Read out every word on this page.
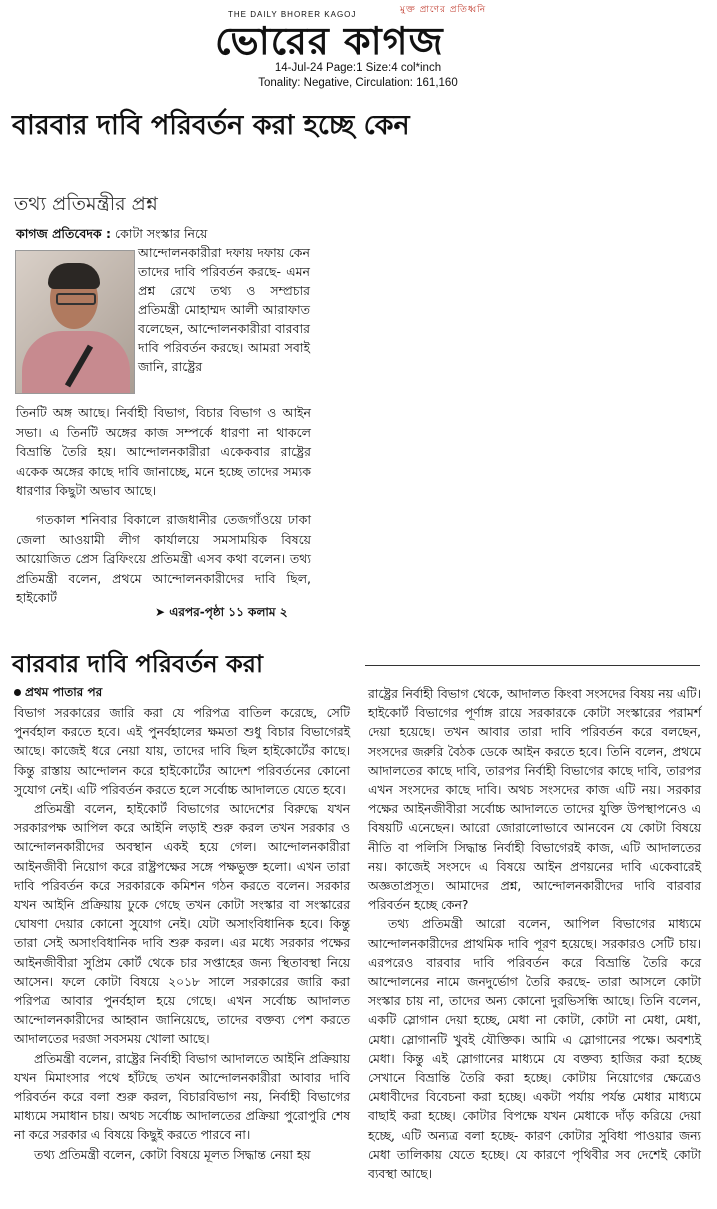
THE DAILY BHORER KAGOJ	মুক্ত প্রাণের প্রতিধ্বনি
ভোরের কাগজ
14-Jul-24 Page:1 Size:4 col*inch
Tonality: Negative, Circulation: 161,160
বারবার দাবি পরিবর্তন করা হচ্ছে কেন
তথ্য প্রতিমন্ত্রীর প্রশ্ন
কাগজ প্রতিবেদক : কোটা সংস্কার নিয়ে
আন্দোলনকারীরা দফায় দফায় কেন তাদের দাবি পরিবর্তন করছে- এমন প্রশ্ন রেখে তথ্য ও সম্প্রচার প্রতিমন্ত্রী মোহাম্মদ আলী আরাফাত বলেছেন, আন্দোলনকারীরা বারবার দাবি পরিবর্তন করছে। আমরা সবাই জানি, রাষ্ট্রের
তিনটি অঙ্গ আছে। নির্বাহী বিভাগ, বিচার বিভাগ ও আইন সভা। এ তিনটি অঙ্গের কাজ সম্পর্কে ধারণা না থাকলে বিভ্রান্তি তৈরি হয়। আন্দোলনকারীরা একেকবার রাষ্ট্রের একেক অঙ্গের কাছে দাবি জানাচ্ছে, মনে হচ্ছে তাদের সম্যক ধারণার কিছুটা অভাব আছে।
গতকাল শনিবার বিকালে রাজধানীর তেজগাঁওয়ে ঢাকা জেলা আওয়ামী লীগ কার্যালয়ে সমসাময়িক বিষয়ে আয়োজিত প্রেস ব্রিফিংয়ে প্রতিমন্ত্রী এসব কথা বলেন। তথ্য প্রতিমন্ত্রী বলেন, প্রথমে আন্দোলনকারীদের দাবি ছিল, হাইকোর্ট
➤ এরপর-পৃষ্ঠা ১১ কলাম ২
বারবার দাবি পরিবর্তন করা
প্রথম পাতার পর

বিভাগ সরকারের জারি করা যে পরিপত্র বাতিল করেছে, সেটি পুনর্বহাল করতে হবে। এই পুনর্বহালের ক্ষমতা শুধু বিচার বিভাগেরই আছে। কাজেই ধরে নেয়া যায়, তাদের দাবি ছিল হাইকোর্টের কাছে। কিন্তু রাস্তায় আন্দোলন করে হাইকোর্টের আদেশ পরিবর্তনের কোনো সুযোগ নেই। এটি পরিবর্তন করতে হলে সর্বোচ্চ আদালতে যেতে হবে।

প্রতিমন্ত্রী বলেন, হাইকোর্ট বিভাগের আদেশের বিরুদ্ধে যখন সরকারপক্ষ আপিল করে আইনি লড়াই শুরু করল তখন সরকার ও আন্দোলনকারীদের অবস্থান একই হয়ে গেল। আন্দোলনকারীরা আইনজীবী নিয়োগ করে রাষ্ট্রপক্ষের সঙ্গে পক্ষভুক্ত হলো। এখন তারা দাবি পরিবর্তন করে সরকারকে কমিশন গঠন করতে বলেন। সরকার যখন আইনি প্রক্রিয়ায় ঢুকে গেছে তখন কোটা সংস্কার বা সংস্কারের ঘোষণা দেয়ার কোনো সুযোগ নেই। যেটা অসাংবিধানিক হবে। কিন্তু তারা সেই অসাংবিধানিক দাবি শুরু করল। এর মধ্যে সরকার পক্ষের আইনজীবীরা সুপ্রিম কোর্ট থেকে চার সপ্তাহের জন্য স্থিতাবস্থা নিয়ে আসেন। ফলে কোটা বিষয়ে ২০১৮ সালে সরকারের জারি করা পরিপত্র আবার পুনর্বহাল হয়ে গেছে। এখন সর্বোচ্চ আদালত আন্দোলনকারীদের আহ্বান জানিয়েছে, তাদের বক্তব্য পেশ করতে আদালতের দরজা সবসময় খোলা আছে।

প্রতিমন্ত্রী বলেন, রাষ্ট্রের নির্বাহী বিভাগ আদালতে আইনি প্রক্রিয়ায় যখন মিমাংসার পথে হাঁটছে তখন আন্দোলনকারীরা আবার দাবি পরিবর্তন করে বলা শুরু করল, বিচারবিভাগ নয়, নির্বাহী বিভাগের মাধ্যমে সমাধান চায়। অথচ সর্বোচ্চ আদালতের প্রক্রিয়া পুরোপুরি শেষ না করে সরকার এ বিষয়ে কিছুই করতে পারবে না।

তথ্য প্রতিমন্ত্রী বলেন, কোটা বিষয়ে মূলত সিদ্ধান্ত নেয়া হয়

রাষ্ট্রের নির্বাহী বিভাগ থেকে, আদালত কিংবা সংসদের বিষয় নয় এটি। হাইকোর্ট বিভাগের পূর্ণাঙ্গ রায়ে সরকারকে কোটা সংস্কারের পরামর্শ দেয়া হয়েছে। তখন আবার তারা দাবি পরিবর্তন করে বলছেন, সংসদের জরুরি বৈঠক ডেকে আইন করতে হবে। তিনি বলেন, প্রথমে আদালতের কাছে দাবি, তারপর নির্বাহী বিভাগের কাছে দাবি, তারপর এখন সংসদের কাছে দাবি। অথচ সংসদের কাজ এটি নয়। সরকার পক্ষের আইনজীবীরা সর্বোচ্চ আদালতে তাদের যুক্তি উপস্থাপনেও এ বিষয়টি এনেছেন। আরো জোরালোভাবে আনবেন যে কোটা বিষয়ে নীতি বা পলিসি সিদ্ধান্ত নির্বাহী বিভাগেরই কাজ, এটি আদালতের নয়। কাজেই সংসদে এ বিষয়ে আইন প্রণয়নের দাবি একেবারেই অজ্ঞতাপ্রসূত। আমাদের প্রশ্ন, আন্দোলনকারীদের দাবি বারবার পরিবর্তন হচ্ছে কেন?

তথ্য প্রতিমন্ত্রী আরো বলেন, আপিল বিভাগের মাধ্যমে আন্দোলনকারীদের প্রাথমিক দাবি পূরণ হয়েছে। সরকারও সেটি চায়। এরপরেও বারবার দাবি পরিবর্তন করে বিভ্রান্তি তৈরি করে আন্দোলনের নামে জনদুর্ভোগ তৈরি করছে- তারা আসলে কোটা সংস্কার চায় না, তাদের অন্য কোনো দুরভিসন্ধি আছে। তিনি বলেন, একটি স্লোগান দেয়া হচ্ছে, মেধা না কোটা, কোটা না মেধা, মেধা, মেধা। স্লোগানটি খুবই যৌক্তিক। আমি এ স্লোগানের পক্ষে। অবশ্যই মেধা। কিন্তু এই স্লোগানের মাধ্যমে যে বক্তব্য হাজির করা হচ্ছে সেখানে বিভ্রান্তি তৈরি করা হচ্ছে। কোটায় নিয়োগের ক্ষেত্রেও মেধাবীদের বিবেচনা করা হচ্ছে। একটা পর্যায় পর্যন্ত মেধার মাধ্যমে বাছাই করা হচ্ছে। কোটার বিপক্ষে যখন মেধাকে দাঁড় করিয়ে দেয়া হচ্ছে, এটি অন্যত্র বলা হচ্ছে- কারণ কোটার সুবিধা পাওয়ার জন্য মেধা তালিকায় যেতে হচ্ছে। যে কারণে পৃথিবীর সব দেশেই কোটা ব্যবস্থা আছে।
